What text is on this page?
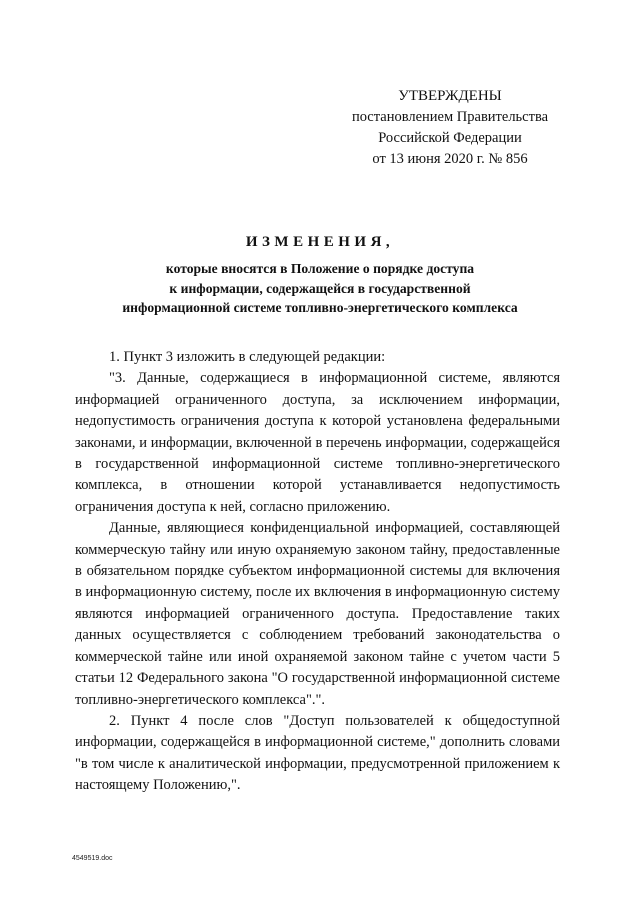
УТВЕРЖДЕНЫ
постановлением Правительства
Российской Федерации
от 13 июня 2020 г. № 856
ИЗМЕНЕНИЯ,
которые вносятся в Положение о порядке доступа
к информации, содержащейся в государственной
информационной системе топливно-энергетического комплекса

1. Пункт 3 изложить в следующей редакции:

"3. Данные, содержащиеся в информационной системе, являются информацией ограниченного доступа, за исключением информации, недопустимость ограничения доступа к которой установлена федеральными законами, и информации, включенной в перечень информации, содержащейся в государственной информационной системе топливно-энергетического комплекса, в отношении которой устанавливается недопустимость ограничения доступа к ней, согласно приложению.

Данные, являющиеся конфиденциальной информацией, составляющей коммерческую тайну или иную охраняемую законом тайну, предоставленные в обязательном порядке субъектом информационной системы для включения в информационную систему, после их включения в информационную систему являются информацией ограниченного доступа. Предоставление таких данных осуществляется с соблюдением требований законодательства о коммерческой тайне или иной охраняемой законом тайне с учетом части 5 статьи 12 Федерального закона "О государственной информационной системе топливно-энергетического комплекса".".

2. Пункт 4 после слов "Доступ пользователей к общедоступной информации, содержащейся в информационной системе," дополнить словами "в том числе к аналитической информации, предусмотренной приложением к настоящему Положению,".

4549519.doc
